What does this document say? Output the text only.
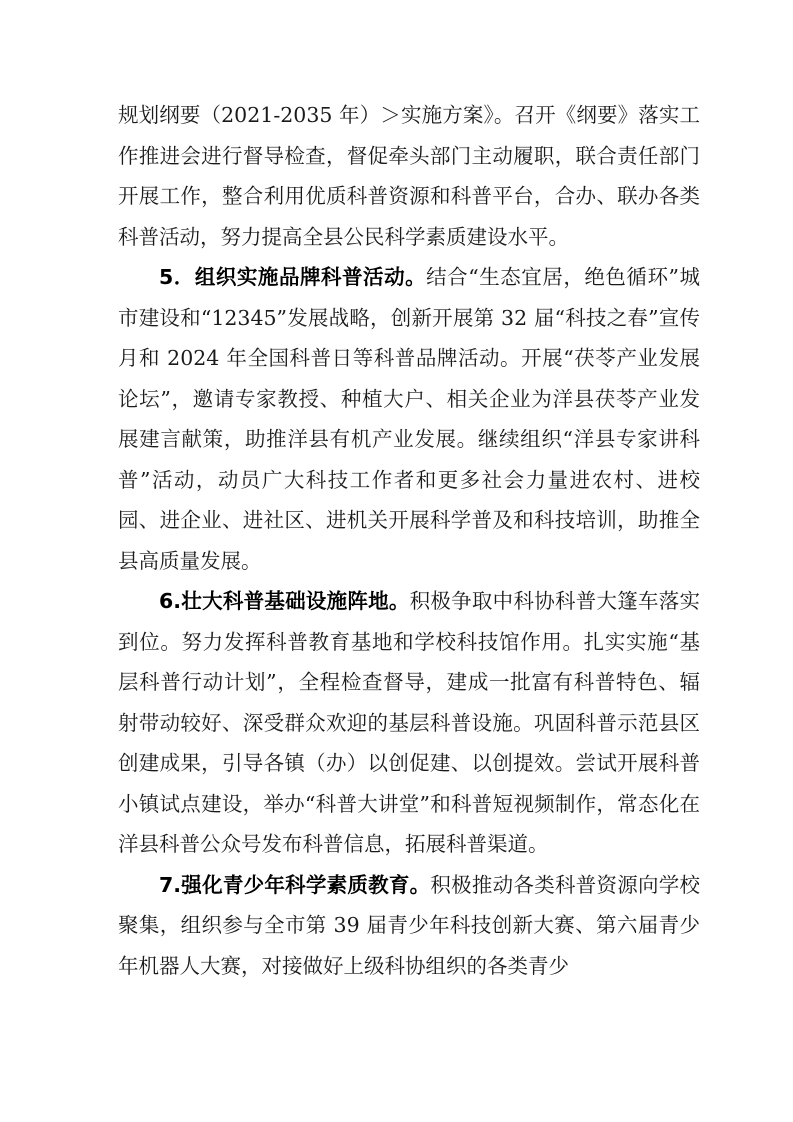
规划纲要（2021-2035 年）＞实施方案》。召开《纲要》落实工作推进会进行督导检查，督促牵头部门主动履职，联合责任部门开展工作，整合利用优质科普资源和科普平台，合办、联办各类科普活动，努力提高全县公民科学素质建设水平。

5．组织实施品牌科普活动。结合“生态宜居，绝色循环”城市建设和“12345”发展战略，创新开展第 32 届“科技之春”宣传月和 2024 年全国科普日等科普品牌活动。开展“茯苓产业发展论坛”，邀请专家教授、种植大户、相关企业为洋县茯苓产业发展建言献策，助推洋县有机产业发展。继续组织“洋县专家讲科普”活动，动员广大科技工作者和更多社会力量进农村、进校园、进企业、进社区、进机关开展科学普及和科技培训，助推全县高质量发展。

6.壮大科普基础设施阵地。积极争取中科协科普大篷车落实到位。努力发挥科普教育基地和学校科技馆作用。扎实实施“基层科普行动计划”，全程检查督导，建成一批富有科普特色、辐射带动较好、深受群众欢迎的基层科普设施。巩固科普示范县区创建成果，引导各镇（办）以创促建、以创提效。尝试开展科普小镇试点建设，举办“科普大讲堂”和科普短视频制作，常态化在洋县科普公众号发布科普信息，拓展科普渠道。

7.强化青少年科学素质教育。积极推动各类科普资源向学校聚集，组织参与全市第 39 届青少年科技创新大赛、第六届青少年机器人大赛，对接做好上级科协组织的各类青少
